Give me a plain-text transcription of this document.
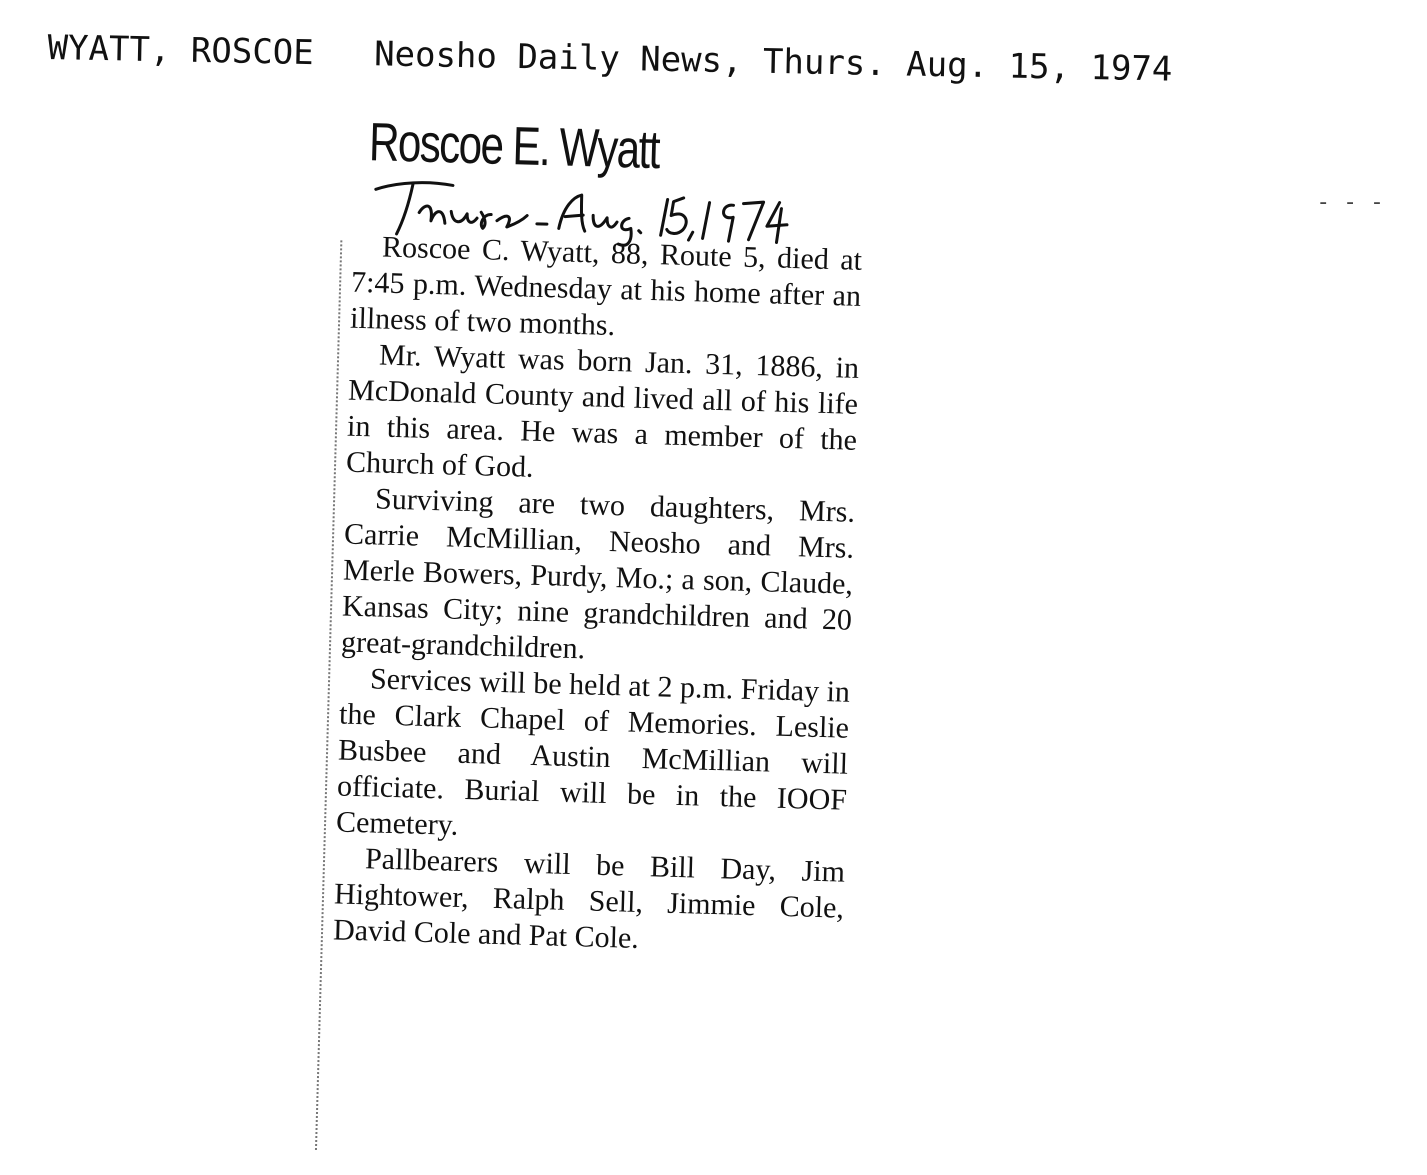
WYATT, ROSCOE Neosho Daily News, Thurs. Aug. 15, 1974
- - -
Roscoe E. Wyatt

Roscoe C. Wyatt, 88, Route 5, died at 7:45 p.m. Wednesday at his home after an illness of two months.

Mr. Wyatt was born Jan. 31, 1886, in McDonald County and lived all of his life in this area. He was a member of the Church of God.

Surviving are two daughters, Mrs. Carrie McMillian, Neosho and Mrs. Merle Bowers, Purdy, Mo.; a son, Claude, Kansas City; nine grandchildren and 20 great-grandchildren.

Services will be held at 2 p.m. Friday in the Clark Chapel of Memories. Leslie Busbee and Austin McMillian will officiate. Burial will be in the IOOF Cemetery.

Pallbearers will be Bill Day, Jim Hightower, Ralph Sell, Jimmie Cole, David Cole and Pat Cole.
